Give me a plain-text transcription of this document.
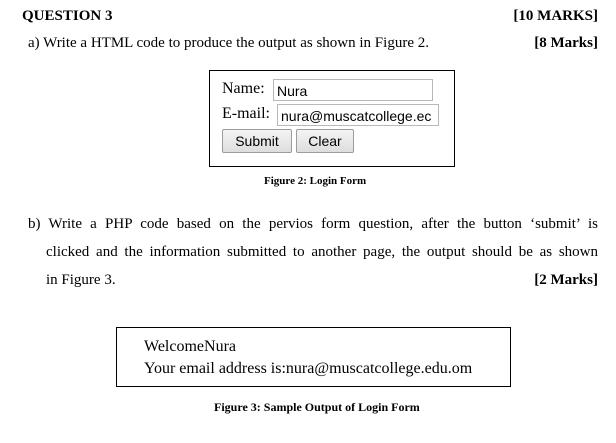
QUESTION 3	[10 MARKS]
a) Write a HTML code to produce the output as shown in Figure 2.	[8 Marks]
Name: Nura
E-mail: nura@muscatcollege.ec
Submit	Clear
Figure 2: Login Form
b) Write a PHP code based on the pervios form question, after the button ‘submit’ is
clicked and the information submitted to another page, the output should be as shown
in Figure 3.	[2 Marks]
WelcomeNura
Your email address is:nura@muscatcollege.edu.om
Figure 3: Sample Output of Login Form
